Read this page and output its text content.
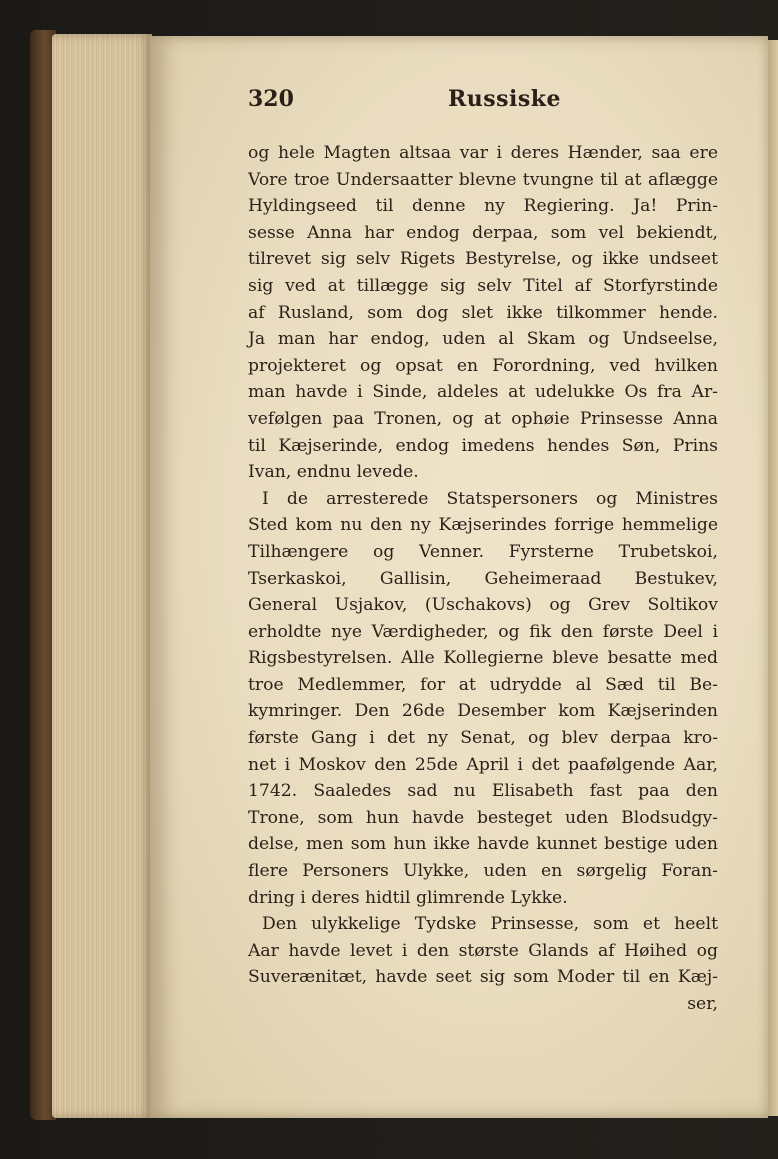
320	Russiske
og hele Magten altsaa var i deres Hænder, saa ere
Vore troe Undersaatter blevne tvungne til at aflægge
Hyldingseed til denne ny Regiering. Ja! Prin-
sesse Anna har endog derpaa, som vel bekiendt,
tilrevet sig selv Rigets Bestyrelse, og ikke undseet
sig ved at tillægge sig selv Titel af Storfyrstinde
af Rusland, som dog slet ikke tilkommer hende.
Ja man har endog, uden al Skam og Undseelse,
projekteret og opsat en Forordning, ved hvilken
man havde i Sinde, aldeles at udelukke Os fra Ar-
vefølgen paa Tronen, og at ophøie Prinsesse Anna
til Kæjserinde, endog imedens hendes Søn, Prins
Ivan, endnu levede.
I de arresterede Statspersoners og Ministres
Sted kom nu den ny Kæjserindes forrige hemmelige
Tilhængere og Venner. Fyrsterne Trubetskoi,
Tserkaskoi, Gallisin, Geheimeraad Bestukev,
General Usjakov, (Uschakovs) og Grev Soltikov
erholdte nye Værdigheder, og fik den første Deel i
Rigsbestyrelsen. Alle Kollegierne bleve besatte med
troe Medlemmer, for at udrydde al Sæd til Be-
kymringer. Den 26de Desember kom Kæjserinden
første Gang i det ny Senat, og blev derpaa kro-
net i Moskov den 25de April i det paafølgende Aar,
1742. Saaledes sad nu Elisabeth fast paa den
Trone, som hun havde besteget uden Blodsudgy-
delse, men som hun ikke havde kunnet bestige uden
flere Personers Ulykke, uden en sørgelig Foran-
dring i deres hidtil glimrende Lykke.
Den ulykkelige Tydske Prinsesse, som et heelt
Aar havde levet i den største Glands af Høihed og
Suverænitæt, havde seet sig som Moder til en Kæj-
ser,
